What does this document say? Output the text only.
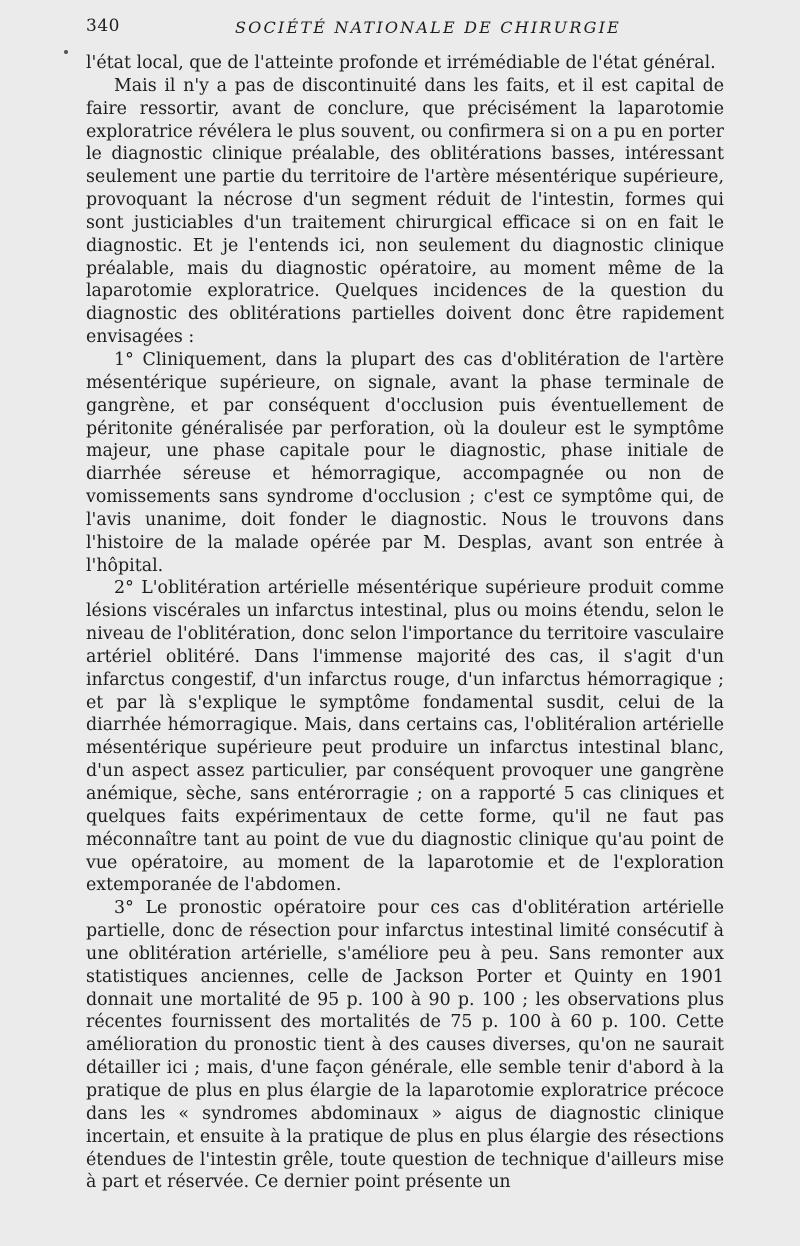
340	SOCIÉTÉ NATIONALE DE CHIRURGIE

l'état local, que de l'atteinte profonde et irrémédiable de l'état général.

Mais il n'y a pas de discontinuité dans les faits, et il est capital de faire ressortir, avant de conclure, que précisément la laparotomie exploratrice révélera le plus souvent, ou confirmera si on a pu en porter le diagnostic clinique préalable, des oblitérations basses, intéressant seulement une partie du territoire de l'artère mésentérique supérieure, provoquant la nécrose d'un segment réduit de l'intestin, formes qui sont justiciables d'un traitement chirurgical efficace si on en fait le diagnostic. Et je l'entends ici, non seulement du diagnostic clinique préalable, mais du diagnostic opératoire, au moment même de la laparotomie exploratrice. Quelques incidences de la question du diagnostic des oblitérations partielles doivent donc être rapidement envisagées :

1° Cliniquement, dans la plupart des cas d'oblitération de l'artère mésentérique supérieure, on signale, avant la phase terminale de gangrène, et par conséquent d'occlusion puis éventuellement de péritonite généralisée par perforation, où la douleur est le symptôme majeur, une phase capitale pour le diagnostic, phase initiale de diarrhée séreuse et hémorragique, accompagnée ou non de vomissements sans syndrome d'occlusion ; c'est ce symptôme qui, de l'avis unanime, doit fonder le diagnostic. Nous le trouvons dans l'histoire de la malade opérée par M. Desplas, avant son entrée à l'hôpital.

2° L'oblitération artérielle mésentérique supérieure produit comme lésions viscérales un infarctus intestinal, plus ou moins étendu, selon le niveau de l'oblitération, donc selon l'importance du territoire vasculaire artériel oblitéré. Dans l'immense majorité des cas, il s'agit d'un infarctus congestif, d'un infarctus rouge, d'un infarctus hémorragique ; et par là s'explique le symptôme fondamental susdit, celui de la diarrhée hémorragique. Mais, dans certains cas, l'oblitéralion artérielle mésentérique supérieure peut produire un infarctus intestinal blanc, d'un aspect assez particulier, par conséquent provoquer une gangrène anémique, sèche, sans entérorragie ; on a rapporté 5 cas cliniques et quelques faits expérimentaux de cette forme, qu'il ne faut pas méconnaître tant au point de vue du diagnostic clinique qu'au point de vue opératoire, au moment de la laparotomie et de l'exploration extemporanée de l'abdomen.

3° Le pronostic opératoire pour ces cas d'oblitération artérielle partielle, donc de résection pour infarctus intestinal limité consécutif à une oblitération artérielle, s'améliore peu à peu. Sans remonter aux statistiques anciennes, celle de Jackson Porter et Quinty en 1901 donnait une mortalité de 95 p. 100 à 90 p. 100 ; les observations plus récentes fournissent des mortalités de 75 p. 100 à 60 p. 100. Cette amélioration du pronostic tient à des causes diverses, qu'on ne saurait détailler ici ; mais, d'une façon générale, elle semble tenir d'abord à la pratique de plus en plus élargie de la laparotomie exploratrice précoce dans les « syndromes abdominaux » aigus de diagnostic clinique incertain, et ensuite à la pratique de plus en plus élargie des résections étendues de l'intestin grêle, toute question de technique d'ailleurs mise à part et réservée. Ce dernier point présente un
